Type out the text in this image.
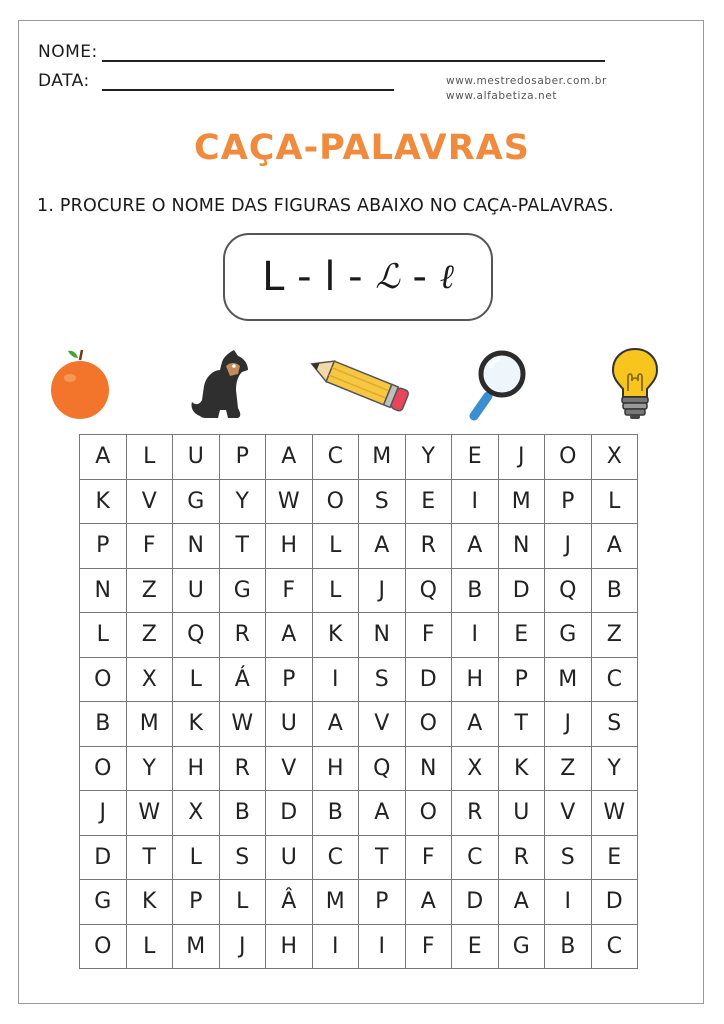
NOME:
DATA:	www.mestredosaber.com.br
www.alfabetiza.net
CAÇA-PALAVRAS
1. PROCURE O NOME DAS FIGURAS ABAIXO NO CAÇA-PALAVRAS.
L - l - ℒ - ℓ
A	L	U	P	A	C	M	Y	E	J	O	X
K	V	G	Y	W	O	S	E	I	M	P	L
P	F	N	T	H	L	A	R	A	N	J	A
N	Z	U	G	F	L	J	Q	B	D	Q	B
L	Z	Q	R	A	K	N	F	I	E	G	Z
O	X	L	Á	P	I	S	D	H	P	M	C
B	M	K	W	U	A	V	O	A	T	J	S
O	Y	H	R	V	H	Q	N	X	K	Z	Y
J	W	X	B	D	B	A	O	R	U	V	W
D	T	L	S	U	C	T	F	C	R	S	E
G	K	P	L	Â	M	P	A	D	A	I	D
O	L	M	J	H	I	I	F	E	G	B	C
